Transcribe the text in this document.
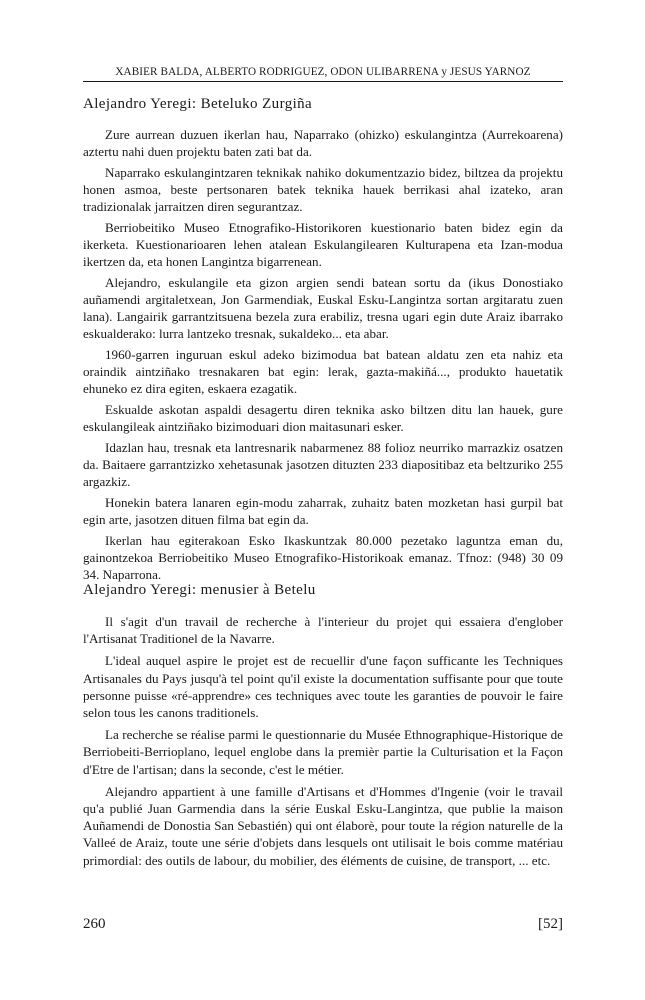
XABIER BALDA, ALBERTO RODRIGUEZ, ODON ULIBARRENA y JESUS YARNOZ
Alejandro Yeregi: Beteluko Zurgiña

Zure aurrean duzuen ikerlan hau, Naparrako (ohizko) eskulangintza (Aurrekoarena) aztertu nahi duen projektu baten zati bat da.

Naparrako eskulangintzaren teknikak nahiko dokumentzazio bidez, biltzea da projektu honen asmoa, beste pertsonaren batek teknika hauek berrikasi ahal izateko, aran tradizionalak jarraitzen diren segurantzaz.

Berriobeitiko Museo Etnografiko-Historikoren kuestionario baten bidez egin da ikerketa. Kuestionarioaren lehen atalean Eskulangilearen Kulturapena eta Izan-modua ikertzen da, eta honen Langintza bigarrenean.

Alejandro, eskulangile eta gizon argien sendi batean sortu da (ikus Donostiako auñamendi argitaletxean, Jon Garmendiak, Euskal Esku-Langintza sortan argitaratu zuen lana). Langairik garrantzitsuena bezela zura erabiliz, tresna ugari egin dute Araiz ibarrako eskualderako: lurra lantzeko tresnak, sukaldeko... eta abar.

1960-garren inguruan eskul adeko bizimodua bat batean aldatu zen eta nahiz eta oraindik aintziñako tresnakaren bat egin: lerak, gazta-makiñá..., produkto hauetatik ehuneko ez dira egiten, eskaera ezagatik.

Eskualde askotan aspaldi desagertu diren teknika asko biltzen ditu lan hauek, gure eskulangileak aintziñako bizimoduari dion maitasunari esker.

Idazlan hau, tresnak eta lantresnarik nabarmenez 88 folioz neurriko marrazkiz osatzen da. Baitaere garrantzizko xehetasunak jasotzen dituzten 233 diapositibaz eta beltzuriko 255 argazkiz.

Honekin batera lanaren egin-modu zaharrak, zuhaitz baten mozketan hasi gurpil bat egin arte, jasotzen dituen filma bat egin da.

Ikerlan hau egiterakoan Esko Ikaskuntzak 80.000 pezetako laguntza eman du, gainontzekoa Berriobeitiko Museo Etnografiko-Historikoak emanaz. Tfnoz: (948) 30 09 34. Naparrona.

Alejandro Yeregi: menusier à Betelu

Il s'agit d'un travail de recherche à l'interieur du projet qui essaiera d'englober l'Artisanat Traditionel de la Navarre.

L'ideal auquel aspire le projet est de recuellir d'une façon sufficante les Techniques Artisanales du Pays jusqu'à tel point qu'il existe la documentation suffisante pour que toute personne puisse «ré-apprendre» ces techniques avec toute les garanties de pouvoir le faire selon tous les canons traditionels.

La recherche se réalise parmi le questionnarie du Musée Ethnographique-Historique de Berriobeiti-Berrioplano, lequel englobe dans la premièr partie la Culturisation et la Façon d'Etre de l'artisan; dans la seconde, c'est le métier.

Alejandro appartient à une famille d'Artisans et d'Hommes d'Ingenie (voir le travail qu'a publié Juan Garmendia dans la série Euskal Esku-Langintza, que publie la maison Auñamendi de Donostia San Sebastién) qui ont élaborè, pour toute la région naturelle de la Valleé de Araiz, toute une série d'objets dans lesquels ont utilisait le bois comme matériau primordial: des outils de labour, du mobilier, des éléments de cuisine, de transport, ... etc.

260	[52]
